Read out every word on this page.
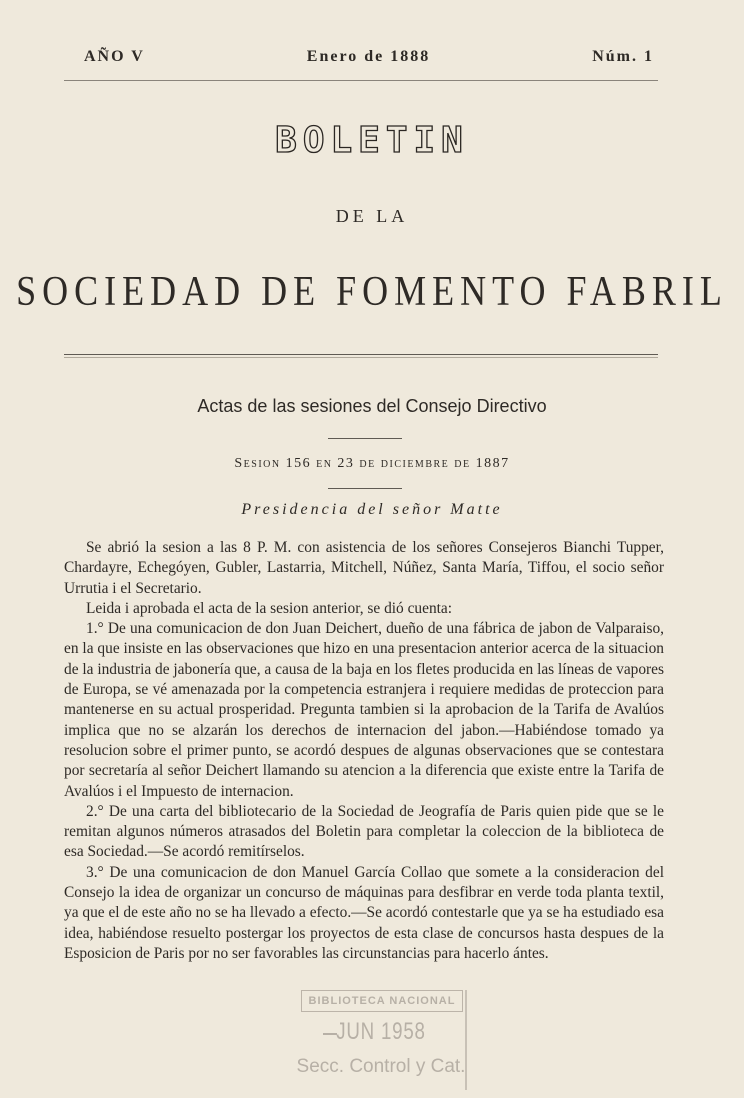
AÑO V	Enero de 1888	Núm. 1
BOLETIN
DE LA
SOCIEDAD DE FOMENTO FABRIL
Actas de las sesiones del Consejo Directivo
Sesion 156 en 23 de diciembre de 1887
Presidencia del señor Matte

Se abrió la sesion a las 8 P. M. con asistencia de los señores Consejeros Bianchi Tupper, Chardayre, Echegóyen, Gubler, Lastarria, Mitchell, Núñez, Santa María, Tiffou, el socio señor Urrutia i el Secretario.

Leida i aprobada el acta de la sesion anterior, se dió cuenta:

1.° De una comunicacion de don Juan Deichert, dueño de una fábrica de jabon de Valparaiso, en la que insiste en las observaciones que hizo en una presentacion anterior acerca de la situacion de la industria de jabonería que, a causa de la baja en los fletes producida en las líneas de vapores de Europa, se vé amenazada por la competencia estranjera i requiere medidas de proteccion para mantenerse en su actual prosperidad. Pregunta tambien si la aprobacion de la Tarifa de Avalúos implica que no se alzarán los derechos de internacion del jabon.—Habiéndose tomado ya resolucion sobre el primer punto, se acordó despues de algunas observaciones que se contestara por secretaría al señor Deichert llamando su atencion a la diferencia que existe entre la Tarifa de Avalúos i el Impuesto de internacion.

2.° De una carta del bibliotecario de la Sociedad de Jeografía de Paris quien pide que se le remitan algunos números atrasados del Boletin para completar la coleccion de la biblioteca de esa Sociedad.—Se acordó remitírselos.

3.° De una comunicacion de don Manuel García Collao que somete a la consideracion del Consejo la idea de organizar un concurso de máquinas para desfibrar en verde toda planta textil, ya que el de este año no se ha llevado a efecto.—Se acordó contestarle que ya se ha estudiado esa idea, habiéndose resuelto postergar los proyectos de esta clase de concursos hasta despues de la Esposicion de Paris por no ser favorables las circunstancias para hacerlo ántes.

BIBLIOTECA NACIONAL
JUN 1958
Secc. Control y Cat.
